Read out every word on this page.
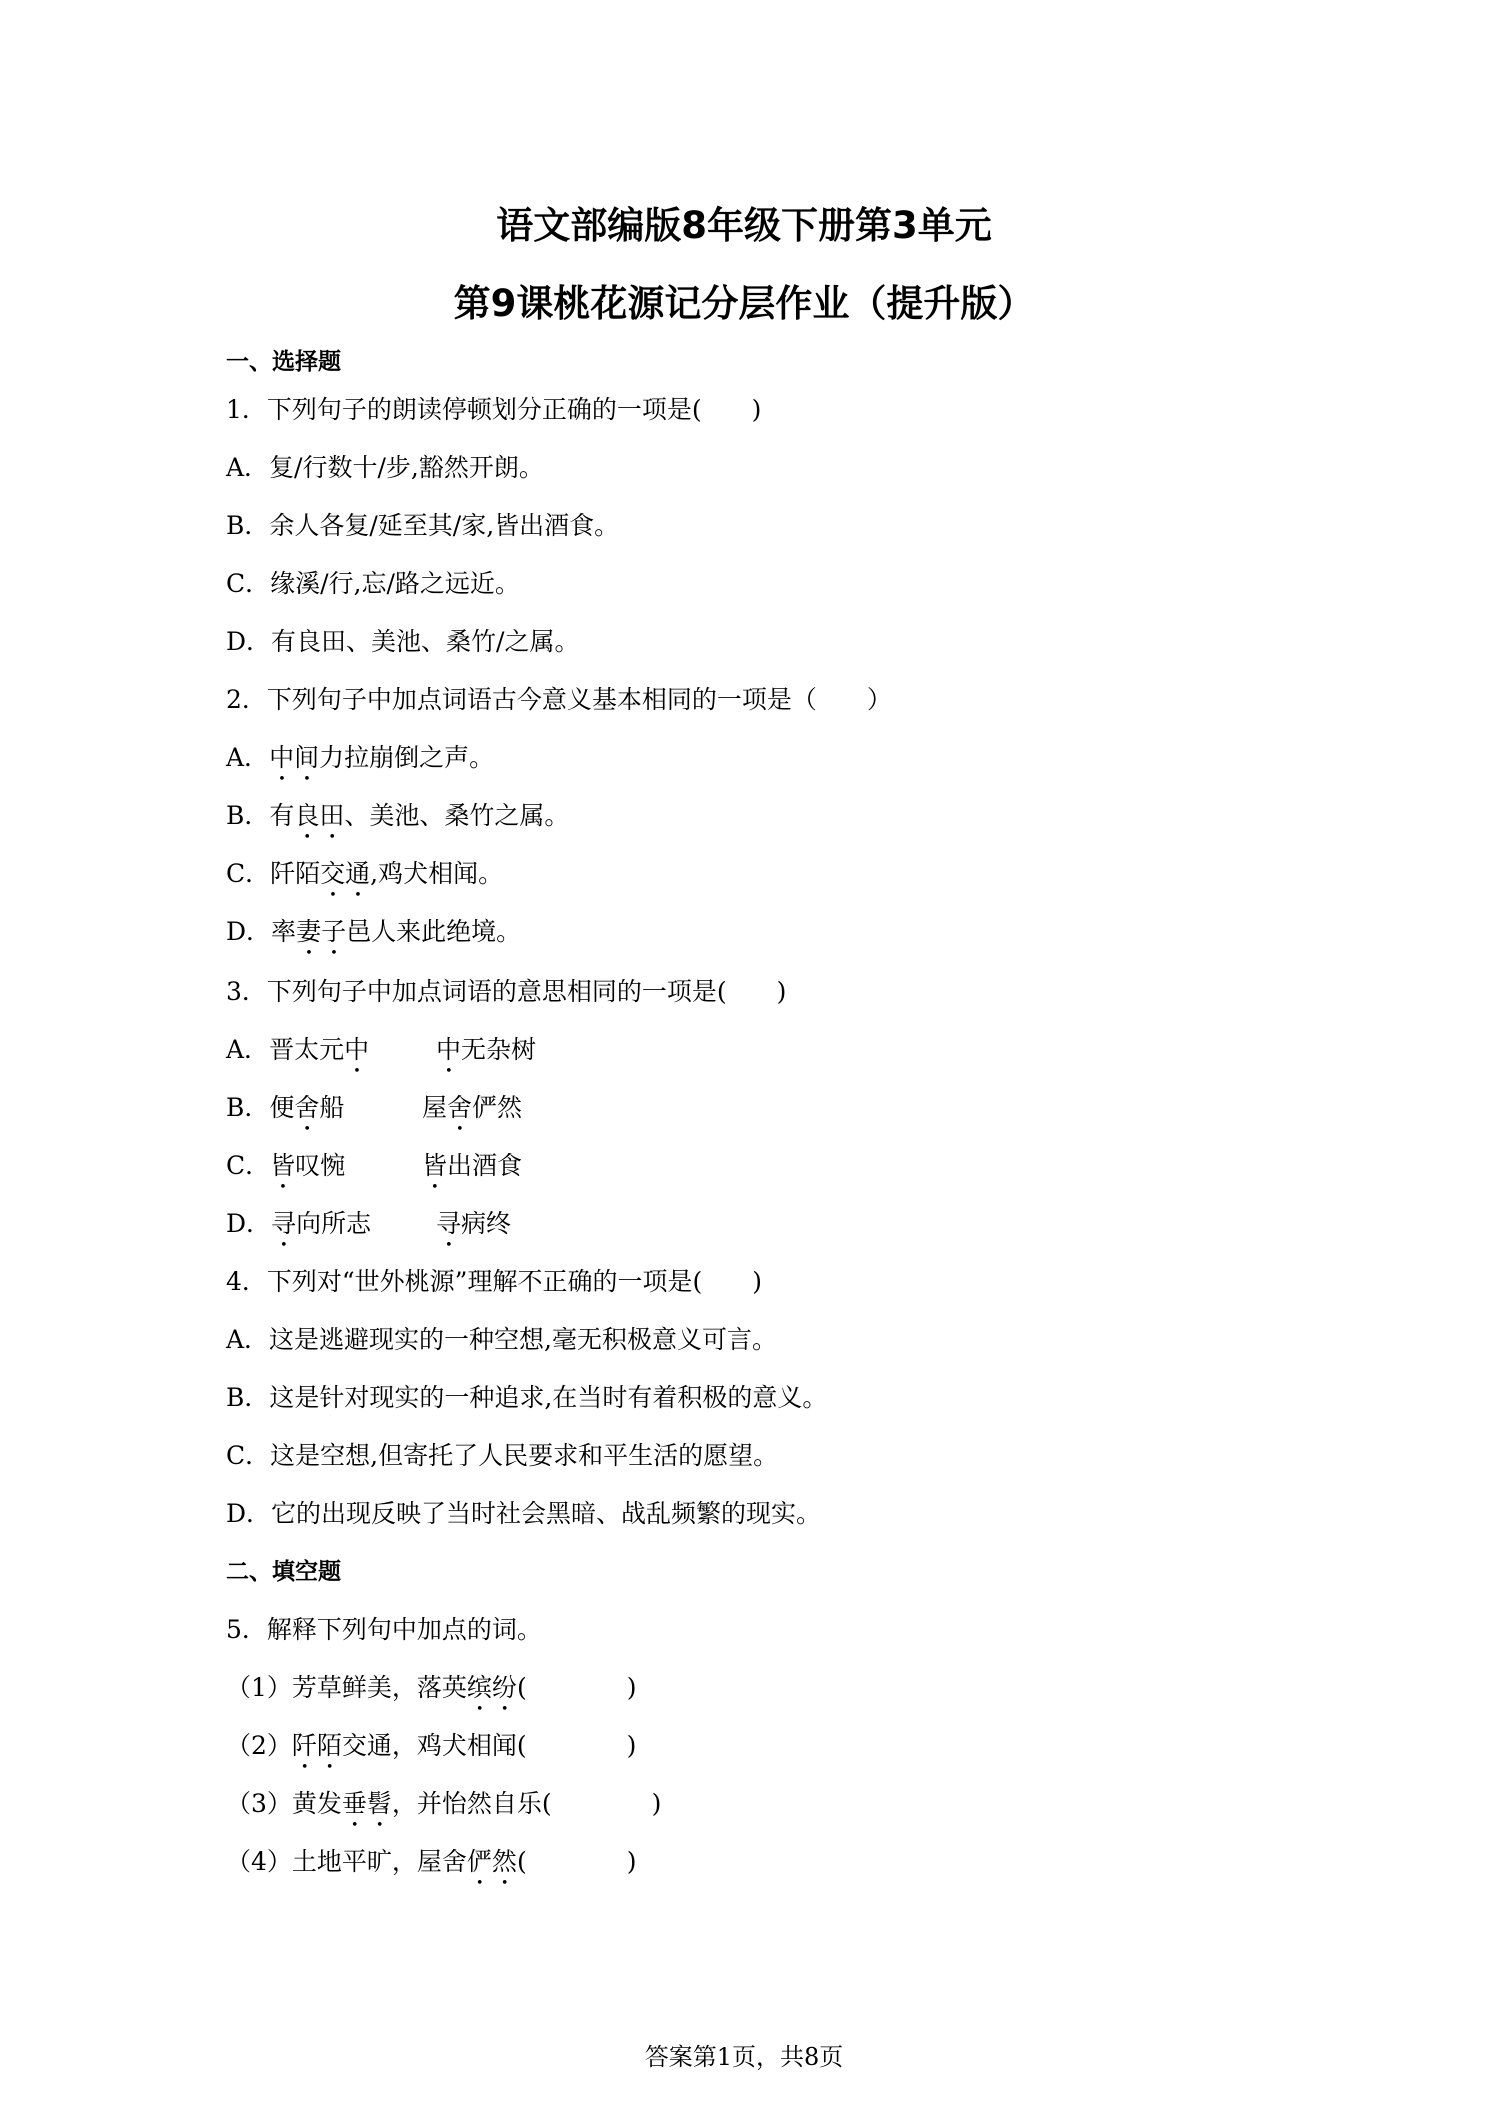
语文部编版8年级下册第3单元
第9课桃花源记分层作业（提升版）

一、选择题

1．下列句子的朗读停顿划分正确的一项是(　　)

A．复/行数十/步,豁然开朗。

B．余人各复/延至其/家,皆出酒食。

C．缘溪/行,忘/路之远近。

D．有良田、美池、桑竹/之属。

2．下列句子中加点词语古今意义基本相同的一项是（　　）

A．中间力拉崩倒之声。

B．有良田、美池、桑竹之属。

C．阡陌交通,鸡犬相闻。

D．率妻子邑人来此绝境。

3．下列句子中加点词语的意思相同的一项是(　　)

A．晋太元中	中无杂树

B．便舍船	屋舍俨然

C．皆叹惋	皆出酒食

D．寻向所志	寻病终

4．下列对“世外桃源”理解不正确的一项是(　　)

A．这是逃避现实的一种空想,毫无积极意义可言。

B．这是针对现实的一种追求,在当时有着积极的意义。

C．这是空想,但寄托了人民要求和平生活的愿望。

D．它的出现反映了当时社会黑暗、战乱频繁的现实。

二、填空题

5．解释下列句中加点的词。

（1）芳草鲜美，落英缤纷(　　　　)

（2）阡陌交通，鸡犬相闻(　　　　)

（3）黄发垂髫，并怡然自乐(　　　　)

（4）土地平旷，屋舍俨然(　　　　)

答案第1页，共8页
